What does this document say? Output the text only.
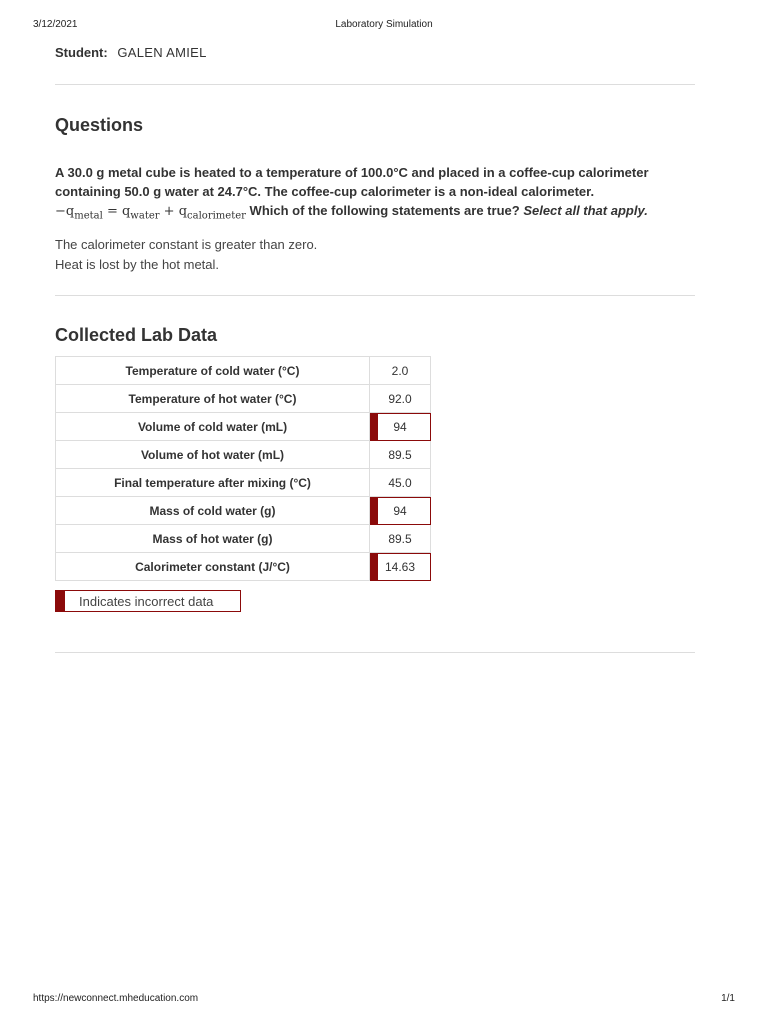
3/12/2021	Laboratory Simulation
Student: GALEN AMIEL
Questions
A 30.0 g metal cube is heated to a temperature of 100.0°C and placed in a coffee-cup calorimeter
containing 50.0 g water at 24.7°C. The coffee-cup calorimeter is a non-ideal calorimeter.
$-q_{metal} = q_{water} + q_{calorimeter}$ Which of the following statements are true? Select all that apply.
The calorimeter constant is greater than zero.
Heat is lost by the hot metal.
Collected Lab Data
Temperature of cold water (°C)	2.0
Temperature of hot water (°C)	92.0
Volume of cold water (mL)	94
Volume of hot water (mL)	89.5
Final temperature after mixing (°C)	45.0
Mass of cold water (g)	94
Mass of hot water (g)	89.5
Calorimeter constant (J/°C)	14.63
Indicates incorrect data
https://newconnect.mheducation.com	1/1
